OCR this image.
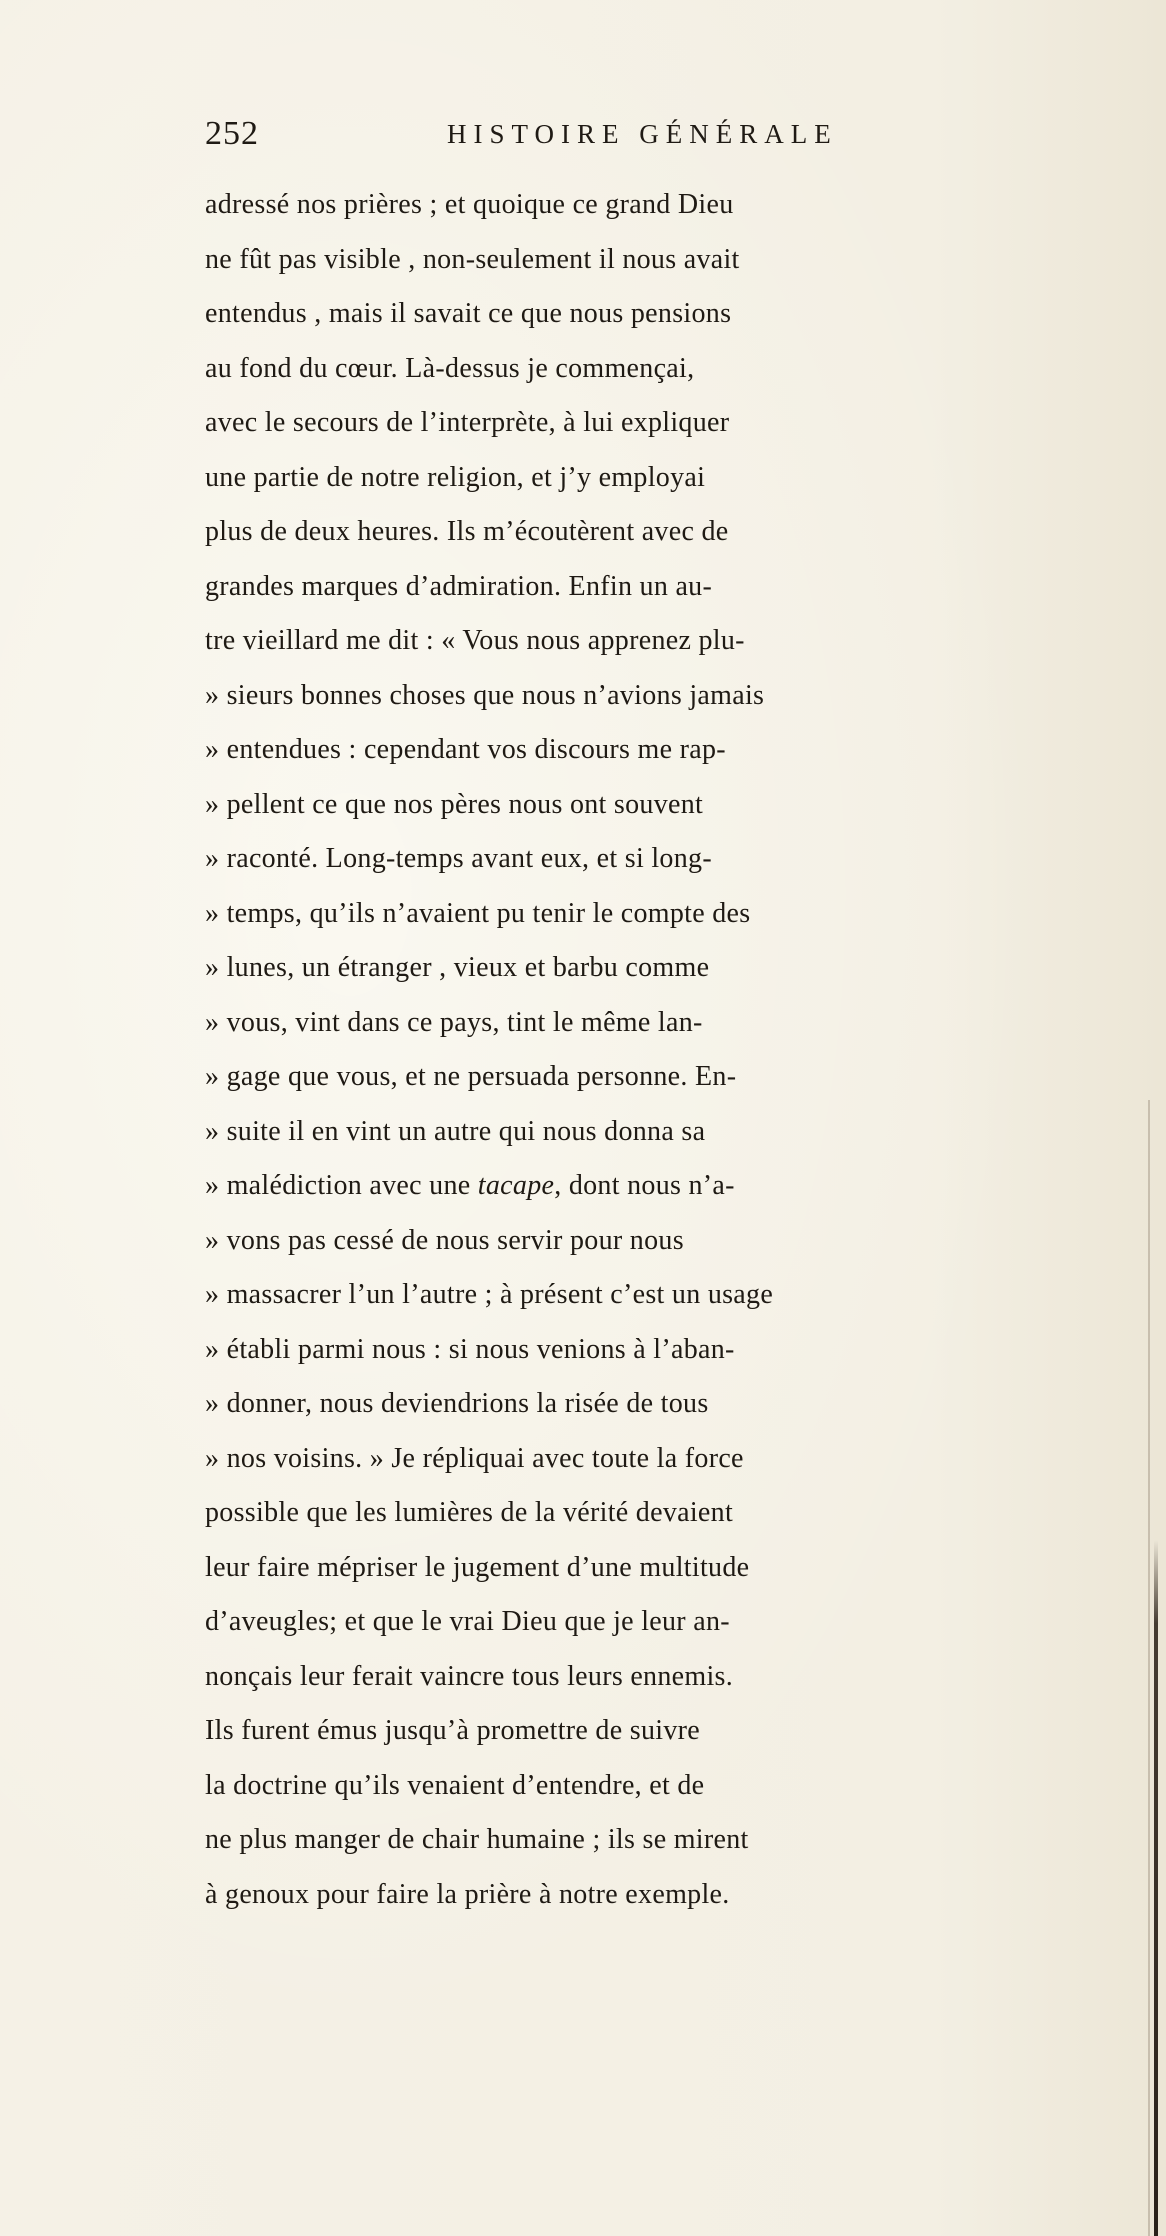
252	HISTOIRE GÉNÉRALE
adressé nos prières ; et quoique ce grand Dieu
ne fût pas visible , non-seulement il nous avait
entendus , mais il savait ce que nous pensions
au fond du cœur. Là-dessus je commençai,
avec le secours de l’interprète, à lui expliquer
une partie de notre religion, et j’y employai
plus de deux heures. Ils m’écoutèrent avec de
grandes marques d’admiration. Enfin un au-
tre vieillard me dit : « Vous nous apprenez plu-
» sieurs bonnes choses que nous n’avions jamais
» entendues : cependant vos discours me rap-
» pellent ce que nos pères nous ont souvent
» raconté. Long-temps avant eux, et si long-
» temps, qu’ils n’avaient pu tenir le compte des
» lunes, un étranger , vieux et barbu comme
» vous, vint dans ce pays, tint le même lan-
» gage que vous, et ne persuada personne. En-
» suite il en vint un autre qui nous donna sa
» malédiction avec une tacape, dont nous n’a-
» vons pas cessé de nous servir pour nous
» massacrer l’un l’autre ; à présent c’est un usage
» établi parmi nous : si nous venions à l’aban-
» donner, nous deviendrions la risée de tous
» nos voisins. » Je répliquai avec toute la force
possible que les lumières de la vérité devaient
leur faire mépriser le jugement d’une multitude
d’aveugles; et que le vrai Dieu que je leur an-
nonçais leur ferait vaincre tous leurs ennemis.
Ils furent émus jusqu’à promettre de suivre
la doctrine qu’ils venaient d’entendre, et de
ne plus manger de chair humaine ; ils se mirent
à genoux pour faire la prière à notre exemple.
